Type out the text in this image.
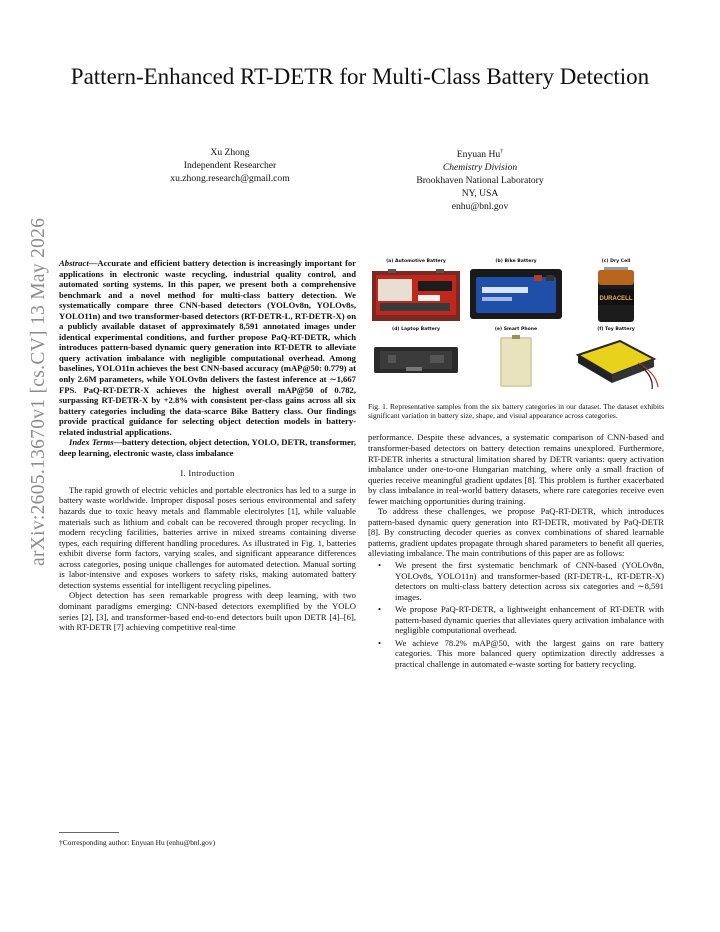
Pattern-Enhanced RT-DETR for Multi-Class Battery Detection
Xu Zhong
Independent Researcher
xu.zhong.research@gmail.com
Enyuan Hu†
Chemistry Division
Brookhaven National Laboratory
NY, USA
enhu@bnl.gov
arXiv:2605.13670v1 [cs.CV] 13 May 2026 Abstract—Accurate and efficient battery detection is increasingly important for applications in electronic waste recycling, industrial quality control, and automated sorting systems. In this paper, we present both a comprehensive benchmark and a novel method for multi-class battery detection. We systematically compare three CNN-based detectors (YOLOv8n, YOLOv8s, YOLO11n) and two transformer-based detectors (RT-DETR-L, RT-DETR-X) on a publicly available dataset of approximately 8,591 annotated images under identical experimental conditions, and further propose PaQ-RT-DETR, which introduces pattern-based dynamic query generation into RT-DETR to alleviate query activation imbalance with negligible computational overhead. Among baselines, YOLO11n achieves the best CNN-based accuracy (mAP@50: 0.779) at only 2.6M parameters, while YOLOv8n delivers the fastest inference at ∼1,667 FPS. PaQ-RT-DETR-X achieves the highest overall mAP@50 of 0.782, surpassing RT-DETR-X by +2.8% with consistent per-class gains across all six battery categories including the data-scarce Bike Battery class. Our findings provide practical guidance for selecting object detection models in battery-related industrial applications.

Index Terms—battery detection, object detection, YOLO, DETR, transformer, deep learning, electronic waste, class imbalance

I. Introduction

The rapid growth of electric vehicles and portable electronics has led to a surge in battery waste worldwide. Improper disposal poses serious environmental and safety hazards due to toxic heavy metals and flammable electrolytes [1], while valuable materials such as lithium and cobalt can be recovered through proper recycling. In modern recycling facilities, batteries arrive in mixed streams containing diverse types, each requiring different handling procedures. As illustrated in Fig. 1, batteries exhibit diverse form factors, varying scales, and significant appearance differences across categories, posing unique challenges for automated detection. Manual sorting is labor-intensive and exposes workers to safety risks, making automated battery detection systems essential for intelligent recycling pipelines.

Object detection has seen remarkable progress with deep learning, with two dominant paradigms emerging: CNN-based detectors exemplified by the YOLO series [2], [3], and transformer-based end-to-end detectors built upon DETR [4]–[6], with RT-DETR [7] achieving competitive real-time

†Corresponding author: Enyuan Hu (enhu@bnl.gov)
(a) Automotive Battery	(b) Bike Battery	(c) Dry Cell
DURACELL
(d) Laptop Battery	(e) Smart Phone	(f) Toy Battery

Fig. 1. Representative samples from the six battery categories in our dataset. The dataset exhibits significant variation in battery size, shape, and visual appearance across categories.

performance. Despite these advances, a systematic comparison of CNN-based and transformer-based detectors on battery detection remains unexplored. Furthermore, RT-DETR inherits a structural limitation shared by DETR variants: query activation imbalance under one-to-one Hungarian matching, where only a small fraction of queries receive meaningful gradient updates [8]. This problem is further exacerbated by class imbalance in real-world battery datasets, where rare categories receive even fewer matching opportunities during training.

To address these challenges, we propose PaQ-RT-DETR, which introduces pattern-based dynamic query generation into RT-DETR, motivated by PaQ-DETR [8]. By constructing decoder queries as convex combinations of shared learnable patterns, gradient updates propagate through shared parameters to benefit all queries, alleviating imbalance. The main contributions of this paper are as follows:

• We present the first systematic benchmark of CNN-based (YOLOv8n, YOLOv8s, YOLO11n) and transformer-based (RT-DETR-L, RT-DETR-X) detectors on multi-class battery detection across six categories and ∼8,591 images.
• We propose PaQ-RT-DETR, a lightweight enhancement of RT-DETR with pattern-based dynamic queries that alleviates query activation imbalance with negligible computational overhead.
• We achieve 78.2% mAP@50, with the largest gains on rare battery categories. This more balanced query optimization directly addresses a practical challenge in automated e-waste sorting for battery recycling.
